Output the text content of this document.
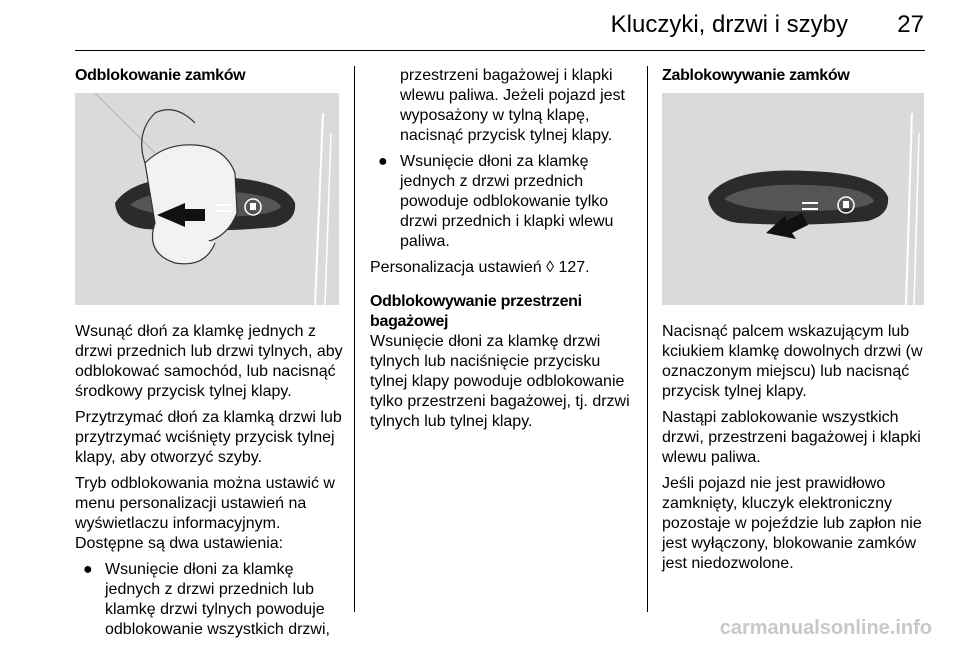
Kluczyki, drzwi i szyby	27
Odblokowanie zamków

Wsunąć dłoń za klamkę jednych z drzwi przednich lub drzwi tylnych, aby odblokować samochód, lub nacisnąć środkowy przycisk tylnej klapy.

Przytrzymać dłoń za klamką drzwi lub przytrzymać wciśnięty przycisk tylnej klapy, aby otworzyć szyby.

Tryb odblokowania można ustawić w menu personalizacji ustawień na wyświetlaczu informacyjnym.

Dostępne są dwa ustawienia:

● Wsunięcie dłoni za klamkę jednych z drzwi przednich lub klamkę drzwi tylnych powoduje odblokowanie wszystkich drzwi,
przestrzeni bagażowej i klapki wlewu paliwa. Jeżeli pojazd jest wyposażony w tylną klapę, nacisnąć przycisk tylnej klapy.
● Wsunięcie dłoni za klamkę jednych z drzwi przednich powoduje odblokowanie tylko drzwi przednich i klapki wlewu paliwa.

Personalizacja ustawień ◊ 127.

Odblokowywanie przestrzeni bagażowej

Wsunięcie dłoni za klamkę drzwi tylnych lub naciśnięcie przycisku tylnej klapy powoduje odblokowanie tylko przestrzeni bagażowej, tj. drzwi tylnych lub tylnej klapy.

Zablokowywanie zamków

Nacisnąć palcem wskazującym lub kciukiem klamkę dowolnych drzwi (w oznaczonym miejscu) lub nacisnąć przycisk tylnej klapy.

Nastąpi zablokowanie wszystkich drzwi, przestrzeni bagażowej i klapki wlewu paliwa.

Jeśli pojazd nie jest prawidłowo zamknięty, kluczyk elektroniczny pozostaje w pojeździe lub zapłon nie jest wyłączony, blokowanie zamków jest niedozwolone.

carmanualsonline.info
